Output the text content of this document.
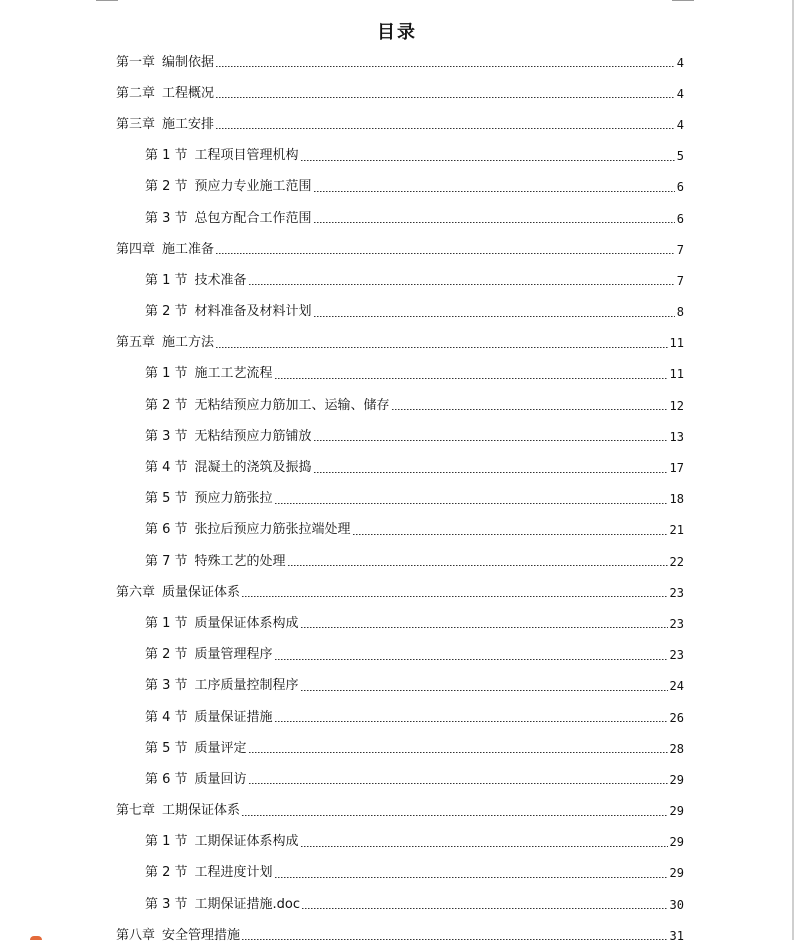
目录
第一章 编制依据	4
第二章 工程概况	4
第三章 施工安排	4
第 1 节 工程项目管理机构	5
第 2 节 预应力专业施工范围	6
第 3 节 总包方配合工作范围	6
第四章 施工准备	7
第 1 节 技术准备	7
第 2 节 材料准备及材料计划	8
第五章 施工方法	11
第 1 节 施工工艺流程	11
第 2 节 无粘结预应力筋加工、运输、储存	12
第 3 节 无粘结预应力筋铺放	13
第 4 节 混凝土的浇筑及振捣	17
第 5 节 预应力筋张拉	18
第 6 节 张拉后预应力筋张拉端处理	21
第 7 节 特殊工艺的处理	22
第六章 质量保证体系	23
第 1 节 质量保证体系构成	23
第 2 节 质量管理程序	23
第 3 节 工序质量控制程序	24
第 4 节 质量保证措施	26
第 5 节 质量评定	28
第 6 节 质量回访	29
第七章 工期保证体系	29
第 1 节 工期保证体系构成	29
第 2 节 工程进度计划	29
第 3 节 工期保证措施.doc	30
第八章 安全管理措施	31
